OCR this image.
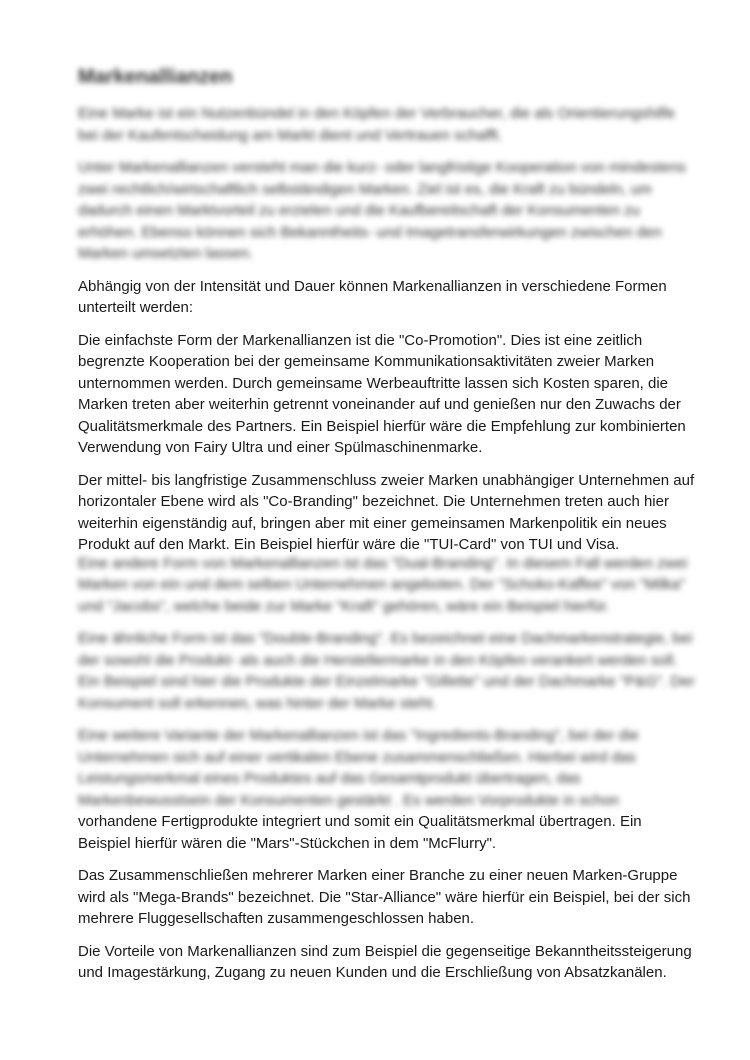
Markenallianzen

Eine Marke ist ein Nutzenbündel in den Köpfen der Verbraucher, die als Orientierungshilfe bei der Kaufentscheidung am Markt dient und Vertrauen schafft.

Unter Markenallianzen versteht man die kurz- oder langfristige Kooperation von mindestens zwei rechtlich/wirtschaftlich selbständigen Marken. Ziel ist es, die Kraft zu bündeln, um dadurch einen Marktvorteil zu erzielen und die Kaufbereitschaft der Konsumenten zu erhöhen. Ebenso können sich Bekanntheits- und Imagetransferwirkungen zwischen den Marken umsetzten lassen.

Abhängig von der Intensität und Dauer können Markenallianzen in verschiedene Formen unterteilt werden:

Die einfachste Form der Markenallianzen ist die "Co-Promotion". Dies ist eine zeitlich begrenzte Kooperation bei der gemeinsame Kommunikationsaktivitäten zweier Marken unternommen werden. Durch gemeinsame Werbeauftritte lassen sich Kosten sparen, die Marken treten aber weiterhin getrennt voneinander auf und genießen nur den Zuwachs der Qualitätsmerkmale des Partners. Ein Beispiel hierfür wäre die Empfehlung zur kombinierten Verwendung von Fairy Ultra und einer Spülmaschinenmarke.

Der mittel- bis langfristige Zusammenschluss zweier Marken unabhängiger Unternehmen auf horizontaler Ebene wird als "Co-Branding" bezeichnet. Die Unternehmen treten auch hier weiterhin eigenständig auf, bringen aber mit einer gemeinsamen Markenpolitik ein neues Produkt auf den Markt. Ein Beispiel hierfür wäre die "TUI-Card" von TUI und Visa.

Eine andere Form von Markenallianzen ist das "Dual-Branding". In diesem Fall werden zwei Marken von ein und dem selben Unternehmen angeboten. Der "Schoko-Kaffee" von "Milka" und "Jacobs", welche beide zur Marke "Kraft" gehören, wäre ein Beispiel hierfür.

Eine ähnliche Form ist das "Double-Branding". Es bezeichnet eine Dachmarkenstrategie, bei der sowohl die Produkt- als auch die Herstellermarke in den Köpfen verankert werden soll. Ein Beispiel sind hier die Produkte der Einzelmarke "Gillette" und der Dachmarke "P&G". Der Konsument soll erkennen, was hinter der Marke steht.

Eine weitere Variante der Markenallianzen ist das "Ingredients-Branding", bei der die Unternehmen sich auf einer vertikalen Ebene zusammenschließen. Hierbei wird das Leistungsmerkmal eines Produktes auf das Gesamtprodukt übertragen, das Markenbewusstsein der Konsumenten gestärkt . Es werden Vorprodukte in schon vorhandene Fertigprodukte integriert und somit ein Qualitätsmerkmal übertragen. Ein Beispiel hierfür wären die "Mars"-Stückchen in dem "McFlurry".

Das Zusammenschließen mehrerer Marken einer Branche zu einer neuen Marken-Gruppe wird als "Mega-Brands" bezeichnet. Die "Star-Alliance" wäre hierfür ein Beispiel, bei der sich mehrere Fluggesellschaften zusammengeschlossen haben.

Die Vorteile von Markenallianzen sind zum Beispiel die gegenseitige Bekanntheitssteigerung und Imagestärkung, Zugang zu neuen Kunden und die Erschließung von Absatzkanälen.
